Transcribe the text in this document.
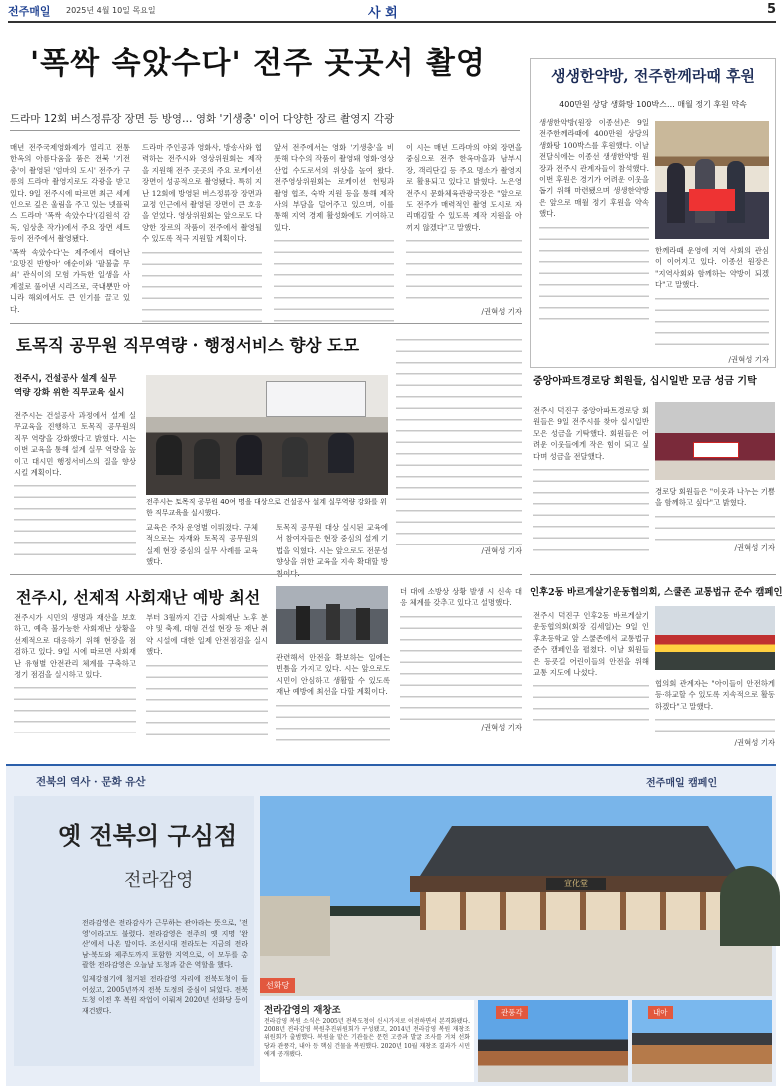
전주매일 2025년 4월 10일 목요일	사 회	5
'폭싹 속았수다' 전주 곳곳서 촬영
드라마 12회 버스정류장 장면 등 방영… 영화 '기생충' 이어 다양한 장르 촬영지 각광

매년 전주국제영화제가 열리고 전통 한옥의 아름다움을 품은 전북 '기전 충'이 촬영된 '엄마의 도시' 전주가 구릉의 드라마 촬영지로도 각광을 받고 있다. 9일 전주시에 따르면 최근 세계 인으로 깊은 울림을 주고 있는 넷플릭스 드라마 '폭싹 속았수다'(김원석 감독, 임상춘 작가)에서 주요 장면 세트 등이 전주에서 촬영됐다.

'폭싹 속았수다'는 제주에서 태어난 '요망진 반항아' 애순이와 '팔불출 무쇠' 관식이의 모험 가득한 일생을 사계절로 풀어낸 시리즈로, 국내뿐만 아니라 해외에서도 큰 인기를 끌고 있다.

드라마 주인공과 영화사, 방송사와 협력하는 전주시와 영상위원회는 제작을 지원해 전주 곳곳의 주요 로케이션 장면이 성공적으로 촬영됐다. 특히 지난 12회에 방영된 버스정류장 장면과 교정 인근에서 촬영된 장면이 큰 호응을 얻었다. 영상위원회는 앞으로도 다양한 장르의 작품이 전주에서 촬영될 수 있도록 적극 지원할 계획이다.

앞서 전주에서는 영화 '기생충'을 비롯해 다수의 작품이 촬영돼 영화·영상 산업 수도로서의 위상을 높여 왔다. 전주영상위원회는 로케이션 헌팅과 촬영 협조, 숙박 지원 등을 통해 제작사의 부담을 덜어주고 있으며, 이를 통해 지역 경제 활성화에도 기여하고 있다.

이 시는 매년 드라마의 야외 장면을 중심으로 전주 한옥마을과 남부시장, 객리단길 등 주요 명소가 촬영지로 활용되고 있다고 밝혔다. 노은영 전주시 문화체육관광국장은 "앞으로도 전주가 매력적인 촬영 도시로 자리매김할 수 있도록 제작 지원을 아끼지 않겠다"고 말했다.

/권혁성 기자

생생한약방, 전주한께라때 후원
400만원 상당 생화탕 100박스… 매월 정기 후원 약속

생생한약방(원장 이종선)은 9일 전주한께라때에 400만원 상당의 생화탕 100박스를 후원했다. 이날 전달식에는 이종선 생생한약방 원장과 전주시 관계자들이 참석했다. 이번 후원은 경기가 어려운 이웃을 돕기 위해 마련됐으며 생생한약방은 앞으로 매월 정기 후원을 약속했다.

한께라때 운영에 지역 사회의 관심이 이어지고 있다. 이종선 원장은 "지역사회와 함께하는 약방이 되겠다"고 말했다.

/권혁성 기자

토목직 공무원 직무역량 · 행정서비스 향상 도모
전주시, 건설공사 설계 실무
역량 강화 위한 직무교육 실시

전주시는 건설공사 과정에서 설계 실무교육을 진행하고 토목직 공무원의 직무 역량을 강화했다고 밝혔다. 시는 이번 교육을 통해 설계 실무 역량을 높이고 대시민 행정서비스의 질을 향상시킬 계획이다.

전주시는 토목직 공무원 40여 명을 대상으로 건설공사 설계 실무역량 강화를 위한 직무교육을 실시했다.

교육은 주차 운영별 이뤄졌다. 구체적으로는 자재와 토목직 공무원의 실제 현장 중심의 실무 사례를 교육했다.

토목직 공무원 대상 실시된 교육에서 참여자들은 현장 중심의 설계 기법을 익혔다. 시는 앞으로도 전문성 향상을 위한 교육을 지속 확대할 방

/권혁성 기자

중앙아파트경로당 회원들, 십시일반 모금 성금 기탁

전주시 덕진구 중앙아파트경로당 회원들은 9일 전주시를 찾아 십시일반 모은 성금을 기탁했다. 회원들은 어려운 이웃들에게 작은 힘이 되고 싶다며 성금을 전달했다.

경로당 회원들은 "이웃과 나누는 기쁨을 함께하고 싶다"고 밝혔다.

/권혁성 기자

전주시, 선제적 사회재난 예방 최선

전주시가 시민의 생명과 재산을 보호하고, 예측 불가능한 사회재난 상황을 선제적으로 대응하기 위해 현장을 점검하고 있다. 9일 시에 따르면 사회재난 유형별 안전관리 체계를 구축하고 정기 점검을 실시하고 있다.

부터 3월까지 긴급 사회재난 노후 분야 및 축제, 대형 건설 현장 등 재난 취약 시설에 대한 일제 안전점검을 실시했다.

관련해서 안전을 확보하는 일에는 빈틈을 가지고 있다. 시는 앞으로도 시민이 안심하고 생활할 수 있도록 재난 예방에 최선을 다할 계획이다.

더 대에 소방상 상황 발생 시 신속 대응 체계를 갖추고 있다고 설명했다.

/권혁성 기자

인후2동 바르게살기운동협의회, 스쿨존 교통법규 준수 캠페인

전주시 덕진구 인후2동 바르게살기운동협의회(회장 김세일)는 9일 인후초등학교 앞 스쿨존에서 교통법규 준수 캠페인을 펼쳤다. 이날 회원들은 등굣길 어린이들의 안전을 위해 교통 지도에 나섰다.

협의회 관계자는 "아이들이 안전하게 등·하교할 수 있도록 지속적으로 활동하겠다"고 말했다.

/권혁성 기자

전북의 역사 · 문화 유산	전주매일 캠페인
옛 전북의 구심점
전라감영

전라감영은 전라감사가 근무하는 관아라는 뜻으로, '전영'이라고도 불렸다. 전라감영은 전주의 옛 지명 '완산'에서 나온 말이다. 조선시대 전라도는 지금의 전라남·북도와 제주도까지 포함한 지역으로, 이 모두를 총괄한 전라감영은 오늘날 도청과 같은 역할을 했다.

일제강점기에 철거된 전라감영 자리에 전북도청이 들어섰고, 2005년까지 전북 도정의 중심이 되었다. 전북도청 이전 후 복원 작업이 이뤄져 2020년 선화당 등이 재건됐다.

宣化堂
선화당
전라감영의 재창조
전라감영 복원 소식은 2005년 전북도청이 신시가지로 이전하면서 본격화됐다. 2008년 전라감영 복원추진위원회가 구성됐고, 2014년 전라감영 복원 재창조위원회가 출범했다. 복원을 맡은 기관들은 문헌 고증과 발굴 조사를 거쳐 선화당과 관풍각, 내아 등 핵심 건물을 복원했다. 2020년 10월 재창조 결과가 시민에게 공개됐다.
관풍각	내아
